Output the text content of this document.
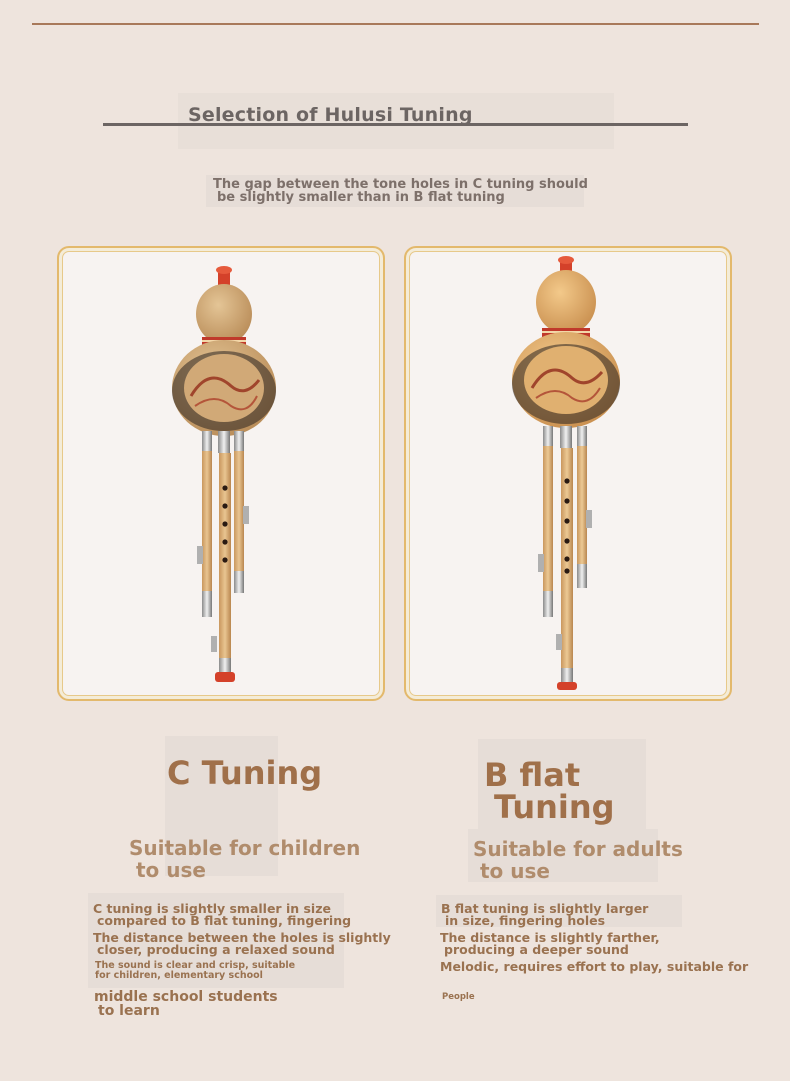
Selection of Hulusi Tuning

The gap between the tone holes in C tuning should
be slightly smaller than in B flat tuning

C Tuning

Suitable for children
to use

C tuning is slightly smaller in size
compared to B flat tuning, fingering

The distance between the holes is slightly
closer, producing a relaxed sound

The sound is clear and crisp, suitable
for children, elementary school

middle school students
to learn

B flat
Tuning

Suitable for adults
to use

B flat tuning is slightly larger
in size, fingering holes

The distance is slightly farther,
producing a deeper sound

Melodic, requires effort to play, suitable for

People
